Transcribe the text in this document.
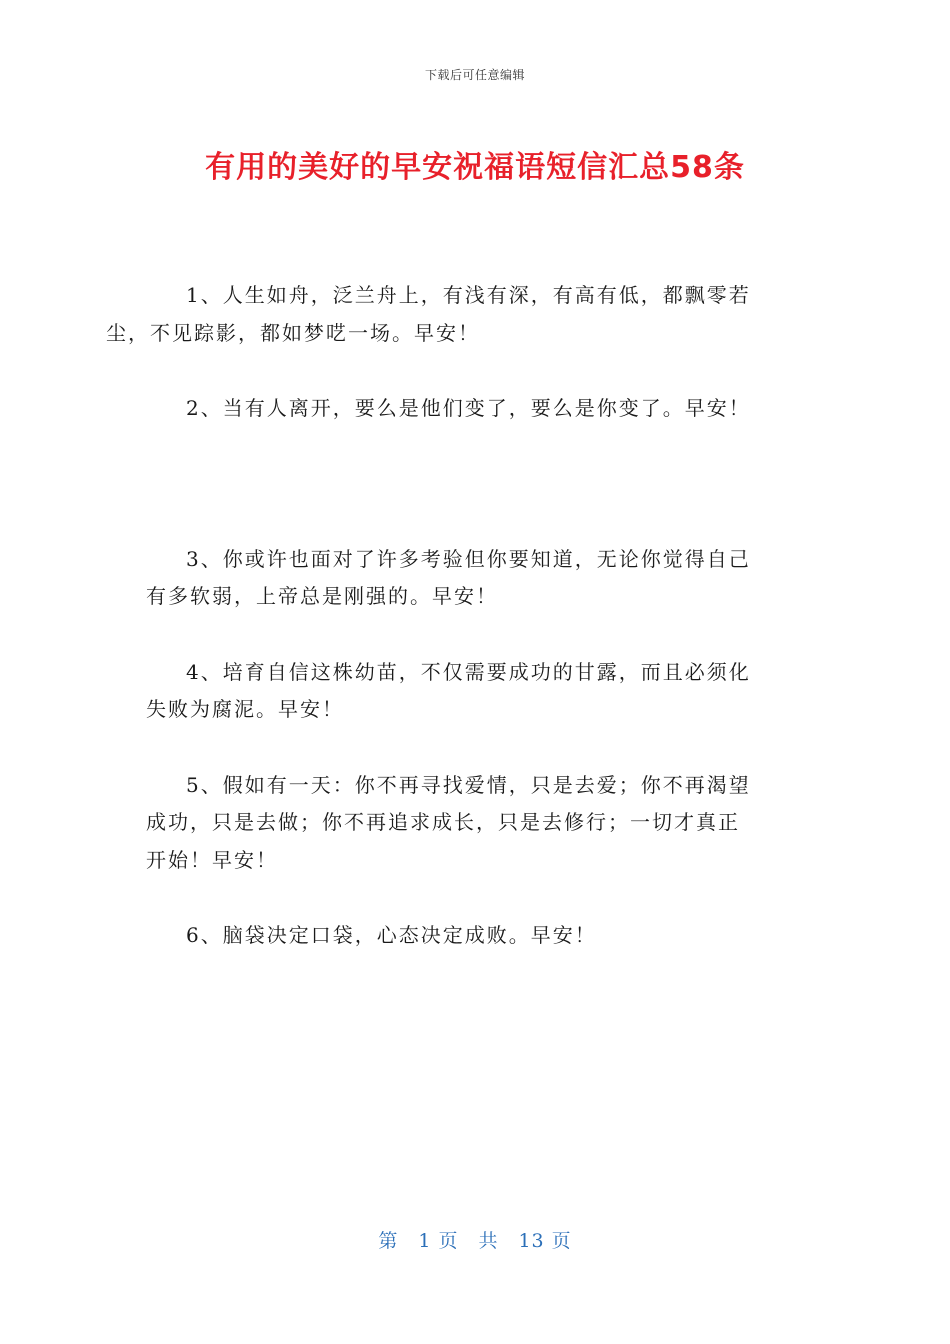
下载后可任意编辑
有用的美好的早安祝福语短信汇总58条

1、人生如舟，泛兰舟上，有浅有深，有高有低，都飘零若
尘，不见踪影，都如梦呓一场。早安！

2、当有人离开，要么是他们变了，要么是你变了。早安！

3、你或许也面对了许多考验但你要知道，无论你觉得自己
有多软弱，上帝总是刚强的。早安！

4、培育自信这株幼苗，不仅需要成功的甘露，而且必须化
失败为腐泥。早安！

5、假如有一天：你不再寻找爱情，只是去爱；你不再渴望
成功，只是去做；你不再追求成长，只是去修行；一切才真正
开始！早安！

6、脑袋决定口袋，心态决定成败。早安！

第　1 页　共　13 页
